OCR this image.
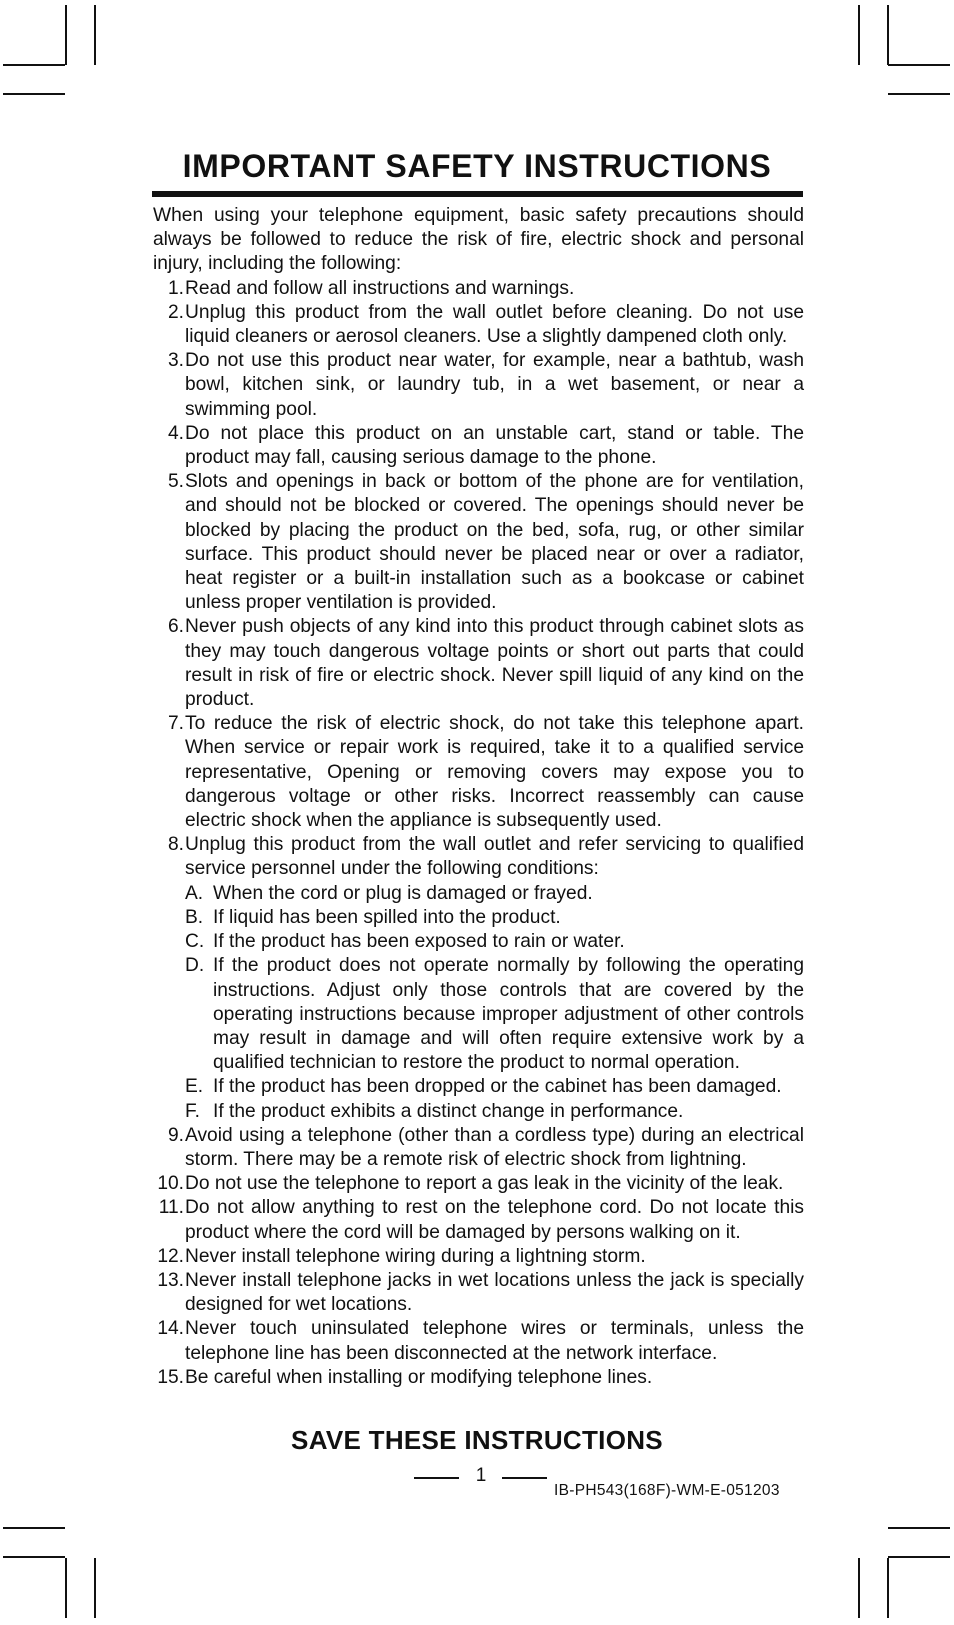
IMPORTANT SAFETY INSTRUCTIONS

When using your telephone equipment, basic safety precautions should always be followed to reduce the risk of fire, electric shock and personal injury, including the following:

1. Read and follow all instructions and warnings.
2. Unplug this product from the wall outlet before cleaning. Do not use liquid cleaners or aerosol cleaners. Use a slightly dampened cloth only.
3. Do not use this product near water, for example, near a bathtub, wash bowl, kitchen sink, or laundry tub, in a wet basement, or near a swimming pool.
4. Do not place this product on an unstable cart, stand or table. The product may fall, causing serious damage to the phone.
5. Slots and openings in back or bottom of the phone are for ventilation, and should not be blocked or covered. The openings should never be blocked by placing the product on the bed, sofa, rug, or other similar surface. This product should never be placed near or over a radiator, heat register or a built-in installation such as a bookcase or cabinet unless proper ventilation is provided.
6. Never push objects of any kind into this product through cabinet slots as they may touch dangerous voltage points or short out parts that could result in risk of fire or electric shock. Never spill liquid of any kind on the product.
7. To reduce the risk of electric shock, do not take this telephone apart. When service or repair work is required, take it to a qualified service representative, Opening or removing covers may expose you to dangerous voltage or other risks. Incorrect reassembly can cause electric shock when the appliance is subsequently used.
8. Unplug this product from the wall outlet and refer servicing to qualified service personnel under the following conditions:
A. When the cord or plug is damaged or frayed.
B. If liquid has been spilled into the product.
C. If the product has been exposed to rain or water.
D. If the product does not operate normally by following the operating instructions. Adjust only those controls that are covered by the operating instructions because improper adjustment of other controls may result in damage and will often require extensive work by a qualified technician to restore the product to normal operation.
E. If the product has been dropped or the cabinet has been damaged.
F. If the product exhibits a distinct change in performance.
9. Avoid using a telephone (other than a cordless type) during an electrical storm. There may be a remote risk of electric shock from lightning.
10. Do not use the telephone to report a gas leak in the vicinity of the leak.
11. Do not allow anything to rest on the telephone cord. Do not locate this product where the cord will be damaged by persons walking on it.
12. Never install telephone wiring during a lightning storm.
13. Never install telephone jacks in wet locations unless the jack is specially designed for wet locations.
14. Never touch uninsulated telephone wires or terminals, unless the telephone line has been disconnected at the network interface.
15. Be careful when installing or modifying telephone lines.
SAVE THESE INSTRUCTIONS
1
IB-PH543(168F)-WM-E-051203
